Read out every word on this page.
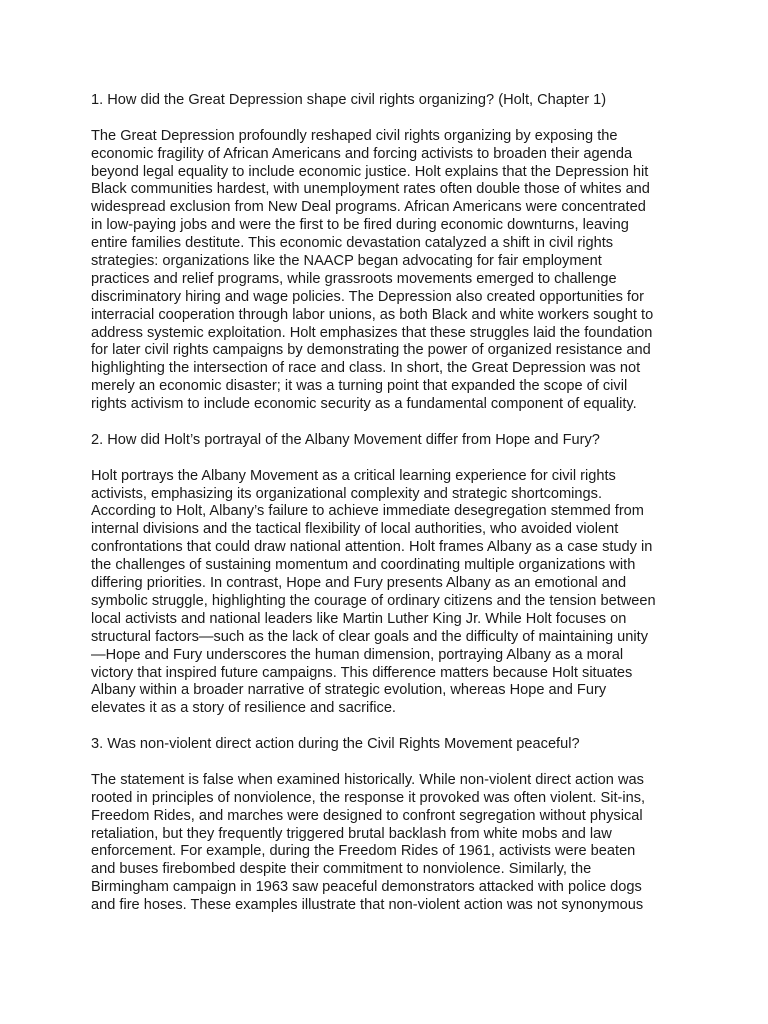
1. How did the Great Depression shape civil rights organizing? (Holt, Chapter 1)
The Great Depression profoundly reshaped civil rights organizing by exposing the
economic fragility of African Americans and forcing activists to broaden their agenda
beyond legal equality to include economic justice. Holt explains that the Depression hit
Black communities hardest, with unemployment rates often double those of whites and
widespread exclusion from New Deal programs. African Americans were concentrated
in low-paying jobs and were the first to be fired during economic downturns, leaving
entire families destitute. This economic devastation catalyzed a shift in civil rights
strategies: organizations like the NAACP began advocating for fair employment
practices and relief programs, while grassroots movements emerged to challenge
discriminatory hiring and wage policies. The Depression also created opportunities for
interracial cooperation through labor unions, as both Black and white workers sought to
address systemic exploitation. Holt emphasizes that these struggles laid the foundation
for later civil rights campaigns by demonstrating the power of organized resistance and
highlighting the intersection of race and class. In short, the Great Depression was not
merely an economic disaster; it was a turning point that expanded the scope of civil
rights activism to include economic security as a fundamental component of equality.
2. How did Holt’s portrayal of the Albany Movement differ from Hope and Fury?
Holt portrays the Albany Movement as a critical learning experience for civil rights
activists, emphasizing its organizational complexity and strategic shortcomings.
According to Holt, Albany’s failure to achieve immediate desegregation stemmed from
internal divisions and the tactical flexibility of local authorities, who avoided violent
confrontations that could draw national attention. Holt frames Albany as a case study in
the challenges of sustaining momentum and coordinating multiple organizations with
differing priorities. In contrast, Hope and Fury presents Albany as an emotional and
symbolic struggle, highlighting the courage of ordinary citizens and the tension between
local activists and national leaders like Martin Luther King Jr. While Holt focuses on
structural factors—such as the lack of clear goals and the difficulty of maintaining unity
—Hope and Fury underscores the human dimension, portraying Albany as a moral
victory that inspired future campaigns. This difference matters because Holt situates
Albany within a broader narrative of strategic evolution, whereas Hope and Fury
elevates it as a story of resilience and sacrifice.
3. Was non-violent direct action during the Civil Rights Movement peaceful?
The statement is false when examined historically. While non-violent direct action was
rooted in principles of nonviolence, the response it provoked was often violent. Sit-ins,
Freedom Rides, and marches were designed to confront segregation without physical
retaliation, but they frequently triggered brutal backlash from white mobs and law
enforcement. For example, during the Freedom Rides of 1961, activists were beaten
and buses firebombed despite their commitment to nonviolence. Similarly, the
Birmingham campaign in 1963 saw peaceful demonstrators attacked with police dogs
and fire hoses. These examples illustrate that non-violent action was not synonymous
